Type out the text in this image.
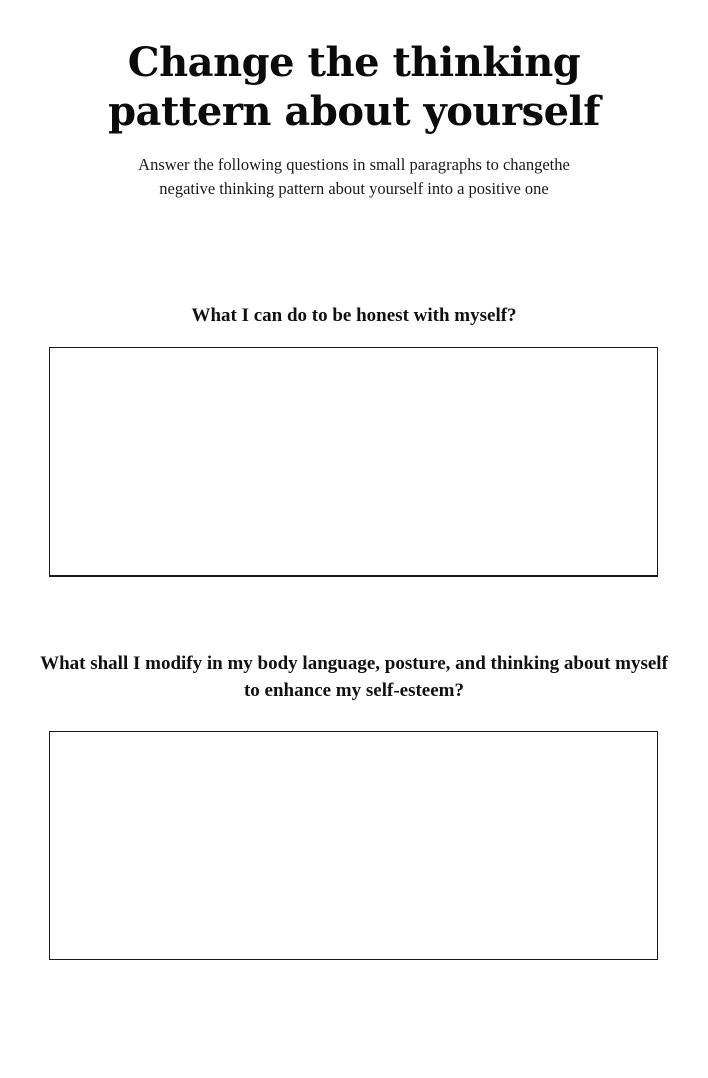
Change the thinking
pattern about yourself

Answer the following questions in small paragraphs to changethe negative thinking pattern about yourself into a positive one

What I can do to be honest with myself?
What shall I modify in my body language, posture, and thinking about myself to enhance my self-esteem?
